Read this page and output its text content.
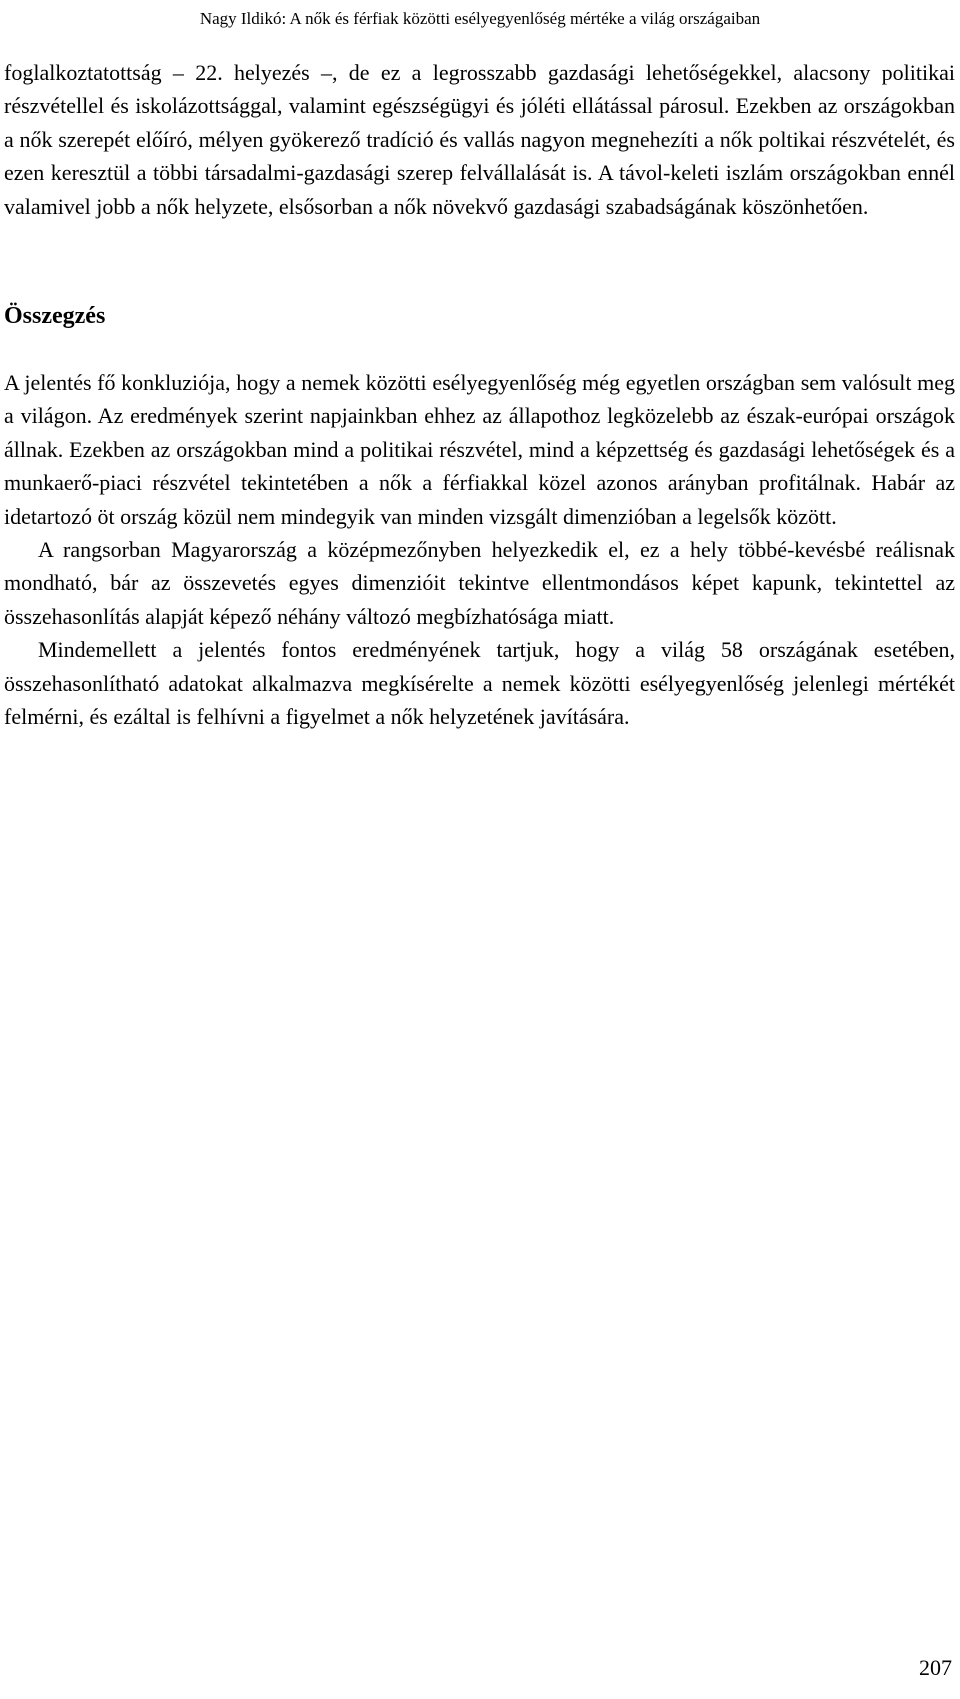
Nagy Ildikó: A nők és férfiak közötti esélyegyenlőség mértéke a világ országaiban

foglalkoztatottság – 22. helyezés –, de ez a legrosszabb gazdasági lehetőségekkel, alacsony politikai részvétellel és iskolázottsággal, valamint egészségügyi és jóléti ellátással párosul. Ezekben az országokban a nők szerepét előíró, mélyen gyökerező tradíció és vallás nagyon megnehezíti a nők poltikai részvételét, és ezen keresztül a többi társadalmi-gazdasági szerep felvállalását is. A távol-keleti iszlám országokban ennél valamivel jobb a nők helyzete, elsősorban a nők növekvő gazdasági szabadságának köszönhetően.

Összegzés

A jelentés fő konkluziója, hogy a nemek közötti esélyegyenlőség még egyetlen országban sem valósult meg a világon. Az eredmények szerint napjainkban ehhez az állapothoz legközelebb az észak-európai országok állnak. Ezekben az országokban mind a politikai részvétel, mind a képzettség és gazdasági lehetőségek és a munkaerő-piaci részvétel tekintetében a nők a férfiakkal közel azonos arányban profitálnak. Habár az idetartozó öt ország közül nem mindegyik van minden vizsgált dimenzióban a legelsők között.

A rangsorban Magyarország a középmezőnyben helyezkedik el, ez a hely többé-kevésbé reálisnak mondható, bár az összevetés egyes dimenzióit tekintve ellentmondásos képet kapunk, tekintettel az összehasonlítás alapját képező néhány változó megbízhatósága miatt.

Mindemellett a jelentés fontos eredményének tartjuk, hogy a világ 58 országának esetében, összehasonlítható adatokat alkalmazva megkísérelte a nemek közötti esélyegyenlőség jelenlegi mértékét felmérni, és ezáltal is felhívni a figyelmet a nők helyzetének javítására.

207
